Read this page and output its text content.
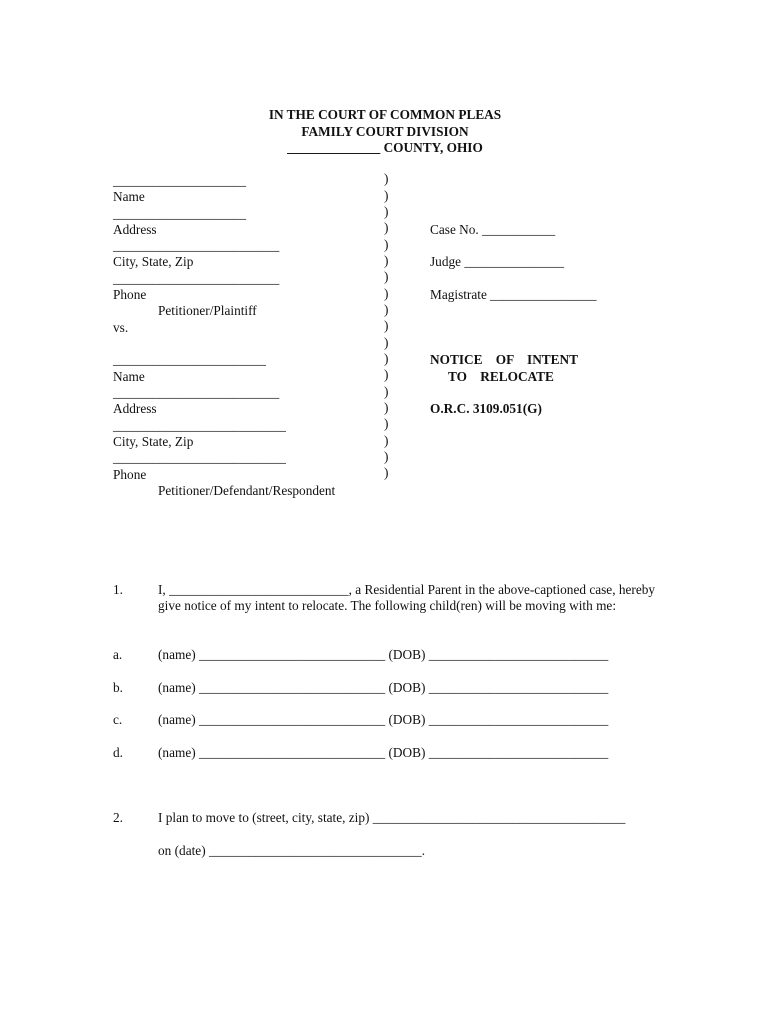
IN THE COURT OF COMMON PLEAS
FAMILY COURT DIVISION
______________ COUNTY, OHIO
____________________
Name
____________________
Address
_________________________
City, State, Zip
_________________________
Phone
Petitioner/Plaintiff
vs.
_______________________
Name
_________________________
Address
__________________________
City, State, Zip
__________________________
Phone
Petitioner/Defendant/Respondent
)
)
)
)
)
)
)
)
)
)
)
)
)
)
)
)
)
)
)
Case No. ___________
Judge _______________
Magistrate ________________
NOTICE    OF    INTENT
TO    RELOCATE
O.R.C. 3109.051(G)
1.	I, ___________________________, a Residential Parent in the above-captioned case, hereby give notice of my intent to relocate. The following child(ren) will be moving with me:
a.	(name) ____________________________ (DOB) ___________________________
b.	(name) ____________________________ (DOB) ___________________________
c.	(name) ____________________________ (DOB) ___________________________
d.	(name) ____________________________ (DOB) ___________________________
2.	I plan to move to (street, city, state, zip) ______________________________________
on (date) ________________________________.
